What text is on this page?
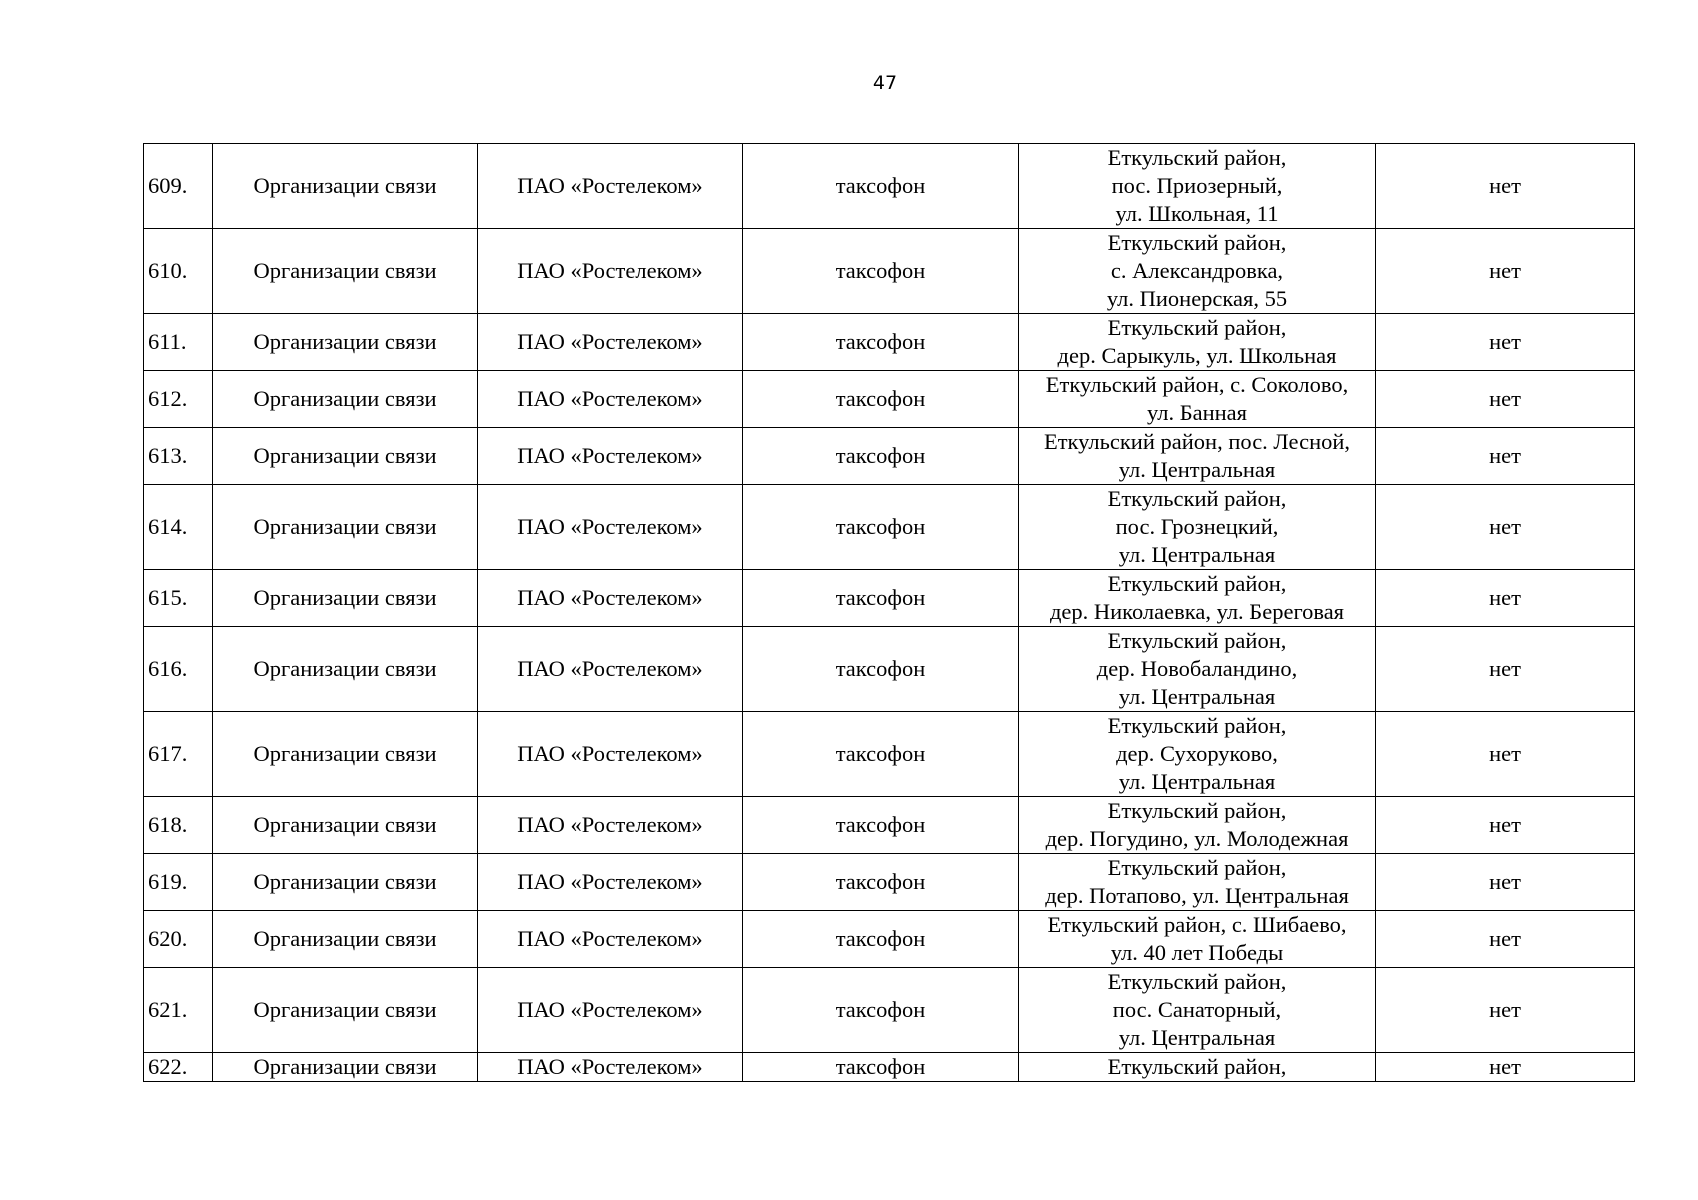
47
609.	Организации связи	ПАО «Ростелеком»	таксофон	Еткульский район,
пос. Приозерный,
ул. Школьная, 11	нет
610.	Организации связи	ПАО «Ростелеком»	таксофон	Еткульский район,
с. Александровка,
ул. Пионерская, 55	нет
611.	Организации связи	ПАО «Ростелеком»	таксофон	Еткульский район,
дер. Сарыкуль, ул. Школьная	нет
612.	Организации связи	ПАО «Ростелеком»	таксофон	Еткульский район, с. Соколово,
ул. Банная	нет
613.	Организации связи	ПАО «Ростелеком»	таксофон	Еткульский район, пос. Лесной,
ул. Центральная	нет
614.	Организации связи	ПАО «Ростелеком»	таксофон	Еткульский район,
пос. Грознецкий,
ул. Центральная	нет
615.	Организации связи	ПАО «Ростелеком»	таксофон	Еткульский район,
дер. Николаевка, ул. Береговая	нет
616.	Организации связи	ПАО «Ростелеком»	таксофон	Еткульский район,
дер. Новобаландино,
ул. Центральная	нет
617.	Организации связи	ПАО «Ростелеком»	таксофон	Еткульский район,
дер. Сухоруково,
ул. Центральная	нет
618.	Организации связи	ПАО «Ростелеком»	таксофон	Еткульский район,
дер. Погудино, ул. Молодежная	нет
619.	Организации связи	ПАО «Ростелеком»	таксофон	Еткульский район,
дер. Потапово, ул. Центральная	нет
620.	Организации связи	ПАО «Ростелеком»	таксофон	Еткульский район, с. Шибаево,
ул. 40 лет Победы	нет
621.	Организации связи	ПАО «Ростелеком»	таксофон	Еткульский район,
пос. Санаторный,
ул. Центральная	нет
622.	Организации связи	ПАО «Ростелеком»	таксофон	Еткульский район,	нет
